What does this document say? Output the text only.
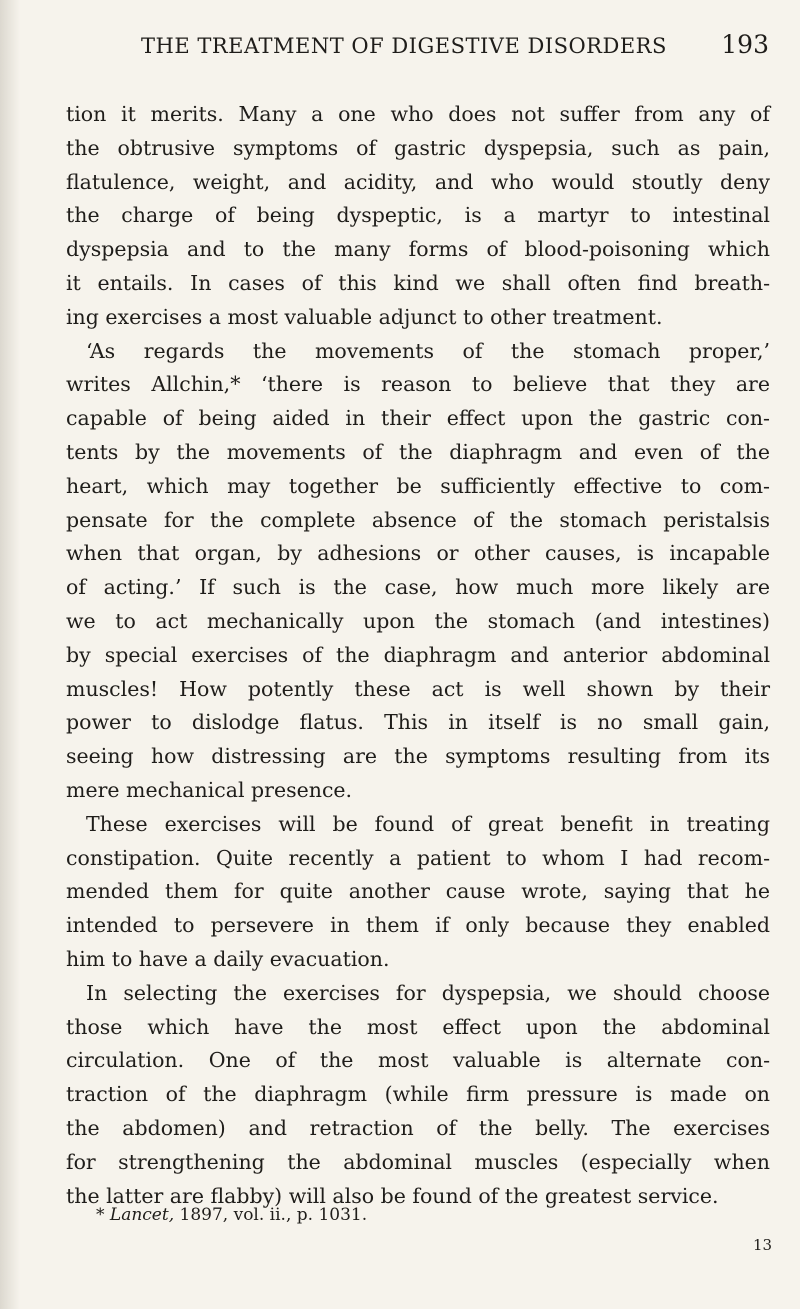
THE TREATMENT OF DIGESTIVE DISORDERS 193
tion it merits. Many a one who does not suffer from any of
the obtrusive symptoms of gastric dyspepsia, such as pain,
flatulence, weight, and acidity, and who would stoutly deny
the charge of being dyspeptic, is a martyr to intestinal
dyspepsia and to the many forms of blood-poisoning which
it entails. In cases of this kind we shall often find breath-
ing exercises a most valuable adjunct to other treatment.
‘As regards the movements of the stomach proper,’
writes Allchin,* ‘there is reason to believe that they are
capable of being aided in their effect upon the gastric con-
tents by the movements of the diaphragm and even of the
heart, which may together be sufficiently effective to com-
pensate for the complete absence of the stomach peristalsis
when that organ, by adhesions or other causes, is incapable
of acting.’ If such is the case, how much more likely are
we to act mechanically upon the stomach (and intestines)
by special exercises of the diaphragm and anterior abdominal
muscles! How potently these act is well shown by their
power to dislodge flatus. This in itself is no small gain,
seeing how distressing are the symptoms resulting from its
mere mechanical presence.
These exercises will be found of great benefit in treating
constipation. Quite recently a patient to whom I had recom-
mended them for quite another cause wrote, saying that he
intended to persevere in them if only because they enabled
him to have a daily evacuation.
In selecting the exercises for dyspepsia, we should choose
those which have the most effect upon the abdominal
circulation. One of the most valuable is alternate con-
traction of the diaphragm (while firm pressure is made on
the abdomen) and retraction of the belly. The exercises
for strengthening the abdominal muscles (especially when
the latter are flabby) will also be found of the greatest service.
* Lancet, 1897, vol. ii., p. 1031.
13
